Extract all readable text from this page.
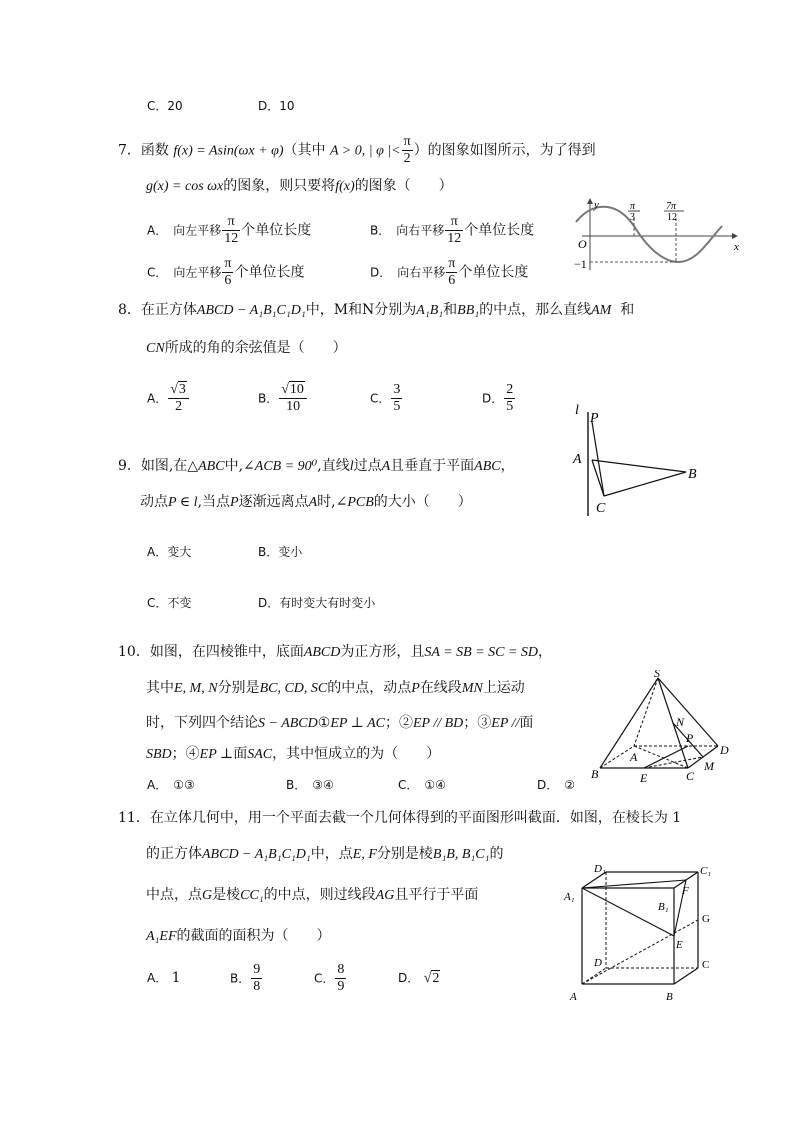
C．20	D．10
7．函数 f(x) = Asin(ωx + φ)（其中 A > 0, | φ |< $\frac{\pi}{2}$ ）的图象如图所示，为了得到
g(x) = cos ωx的图象，则只要将f(x)的图象（　　）
A．　向左平移 $\frac{\pi}{12}$ 个单位长度	B．　向右平移 $\frac{\pi}{12}$ 个单位长度
C．　向左平移 $\frac{\pi}{6}$ 个单位长度	D．　向右平移 $\frac{\pi}{6}$ 个单位长度
y
x
O
−1
π
3
7π
12
8．在正方体ABCD − A₁B₁C₁D₁中，M和N分别为A₁B₁和BB₁的中点，那么直线AM 和
CN所成的角的余弦值是（　　）
A． $\frac{√3}{2}$	B． $\frac{√10}{10}$	C． $\frac{3}{5}$	D． $\frac{2}{5}$
9．如图,在△ABC中,∠ACB = 90⁰,直线l过点A且垂直于平面ABC，
动点P ∈ l,当点P逐渐远离点A时,∠PCB的大小（　　）
A．变大	B．变小
C．不变	D．有时变大有时变小
l
P
A
B
C
10．如图，在四棱锥中，底面ABCD为正方形，且SA = SB = SC = SD，
其中E, M, N分别是BC, CD, SC的中点，动点P在线段MN上运动
时，下列四个结论S − ABCD①EP ⊥ AC；②EP // BD；③EP //面
SBD；④EP ⊥面SAC，其中恒成立的为（　　）
A．　①③	B．　③④	C．　①④	D．　②
S
N
P
D
A
B	E	C
M
11．在立体几何中，用一个平面去截一个几何体得到的平面图形叫截面．如图，在棱长为 1
的正方体ABCD − A₁B₁C₁D₁中，点E, F分别是棱B₁B, B₁C₁的
中点，点G是棱CC₁的中点，则过线段AG且平行于平面
A₁EF的截面的面积为（　　）
A． 1	B． $\frac{9}{8}$	C． $\frac{8}{9}$	D． √2
D₁	C₁
A₁
B₁
F
G
E
D	C
A	B
